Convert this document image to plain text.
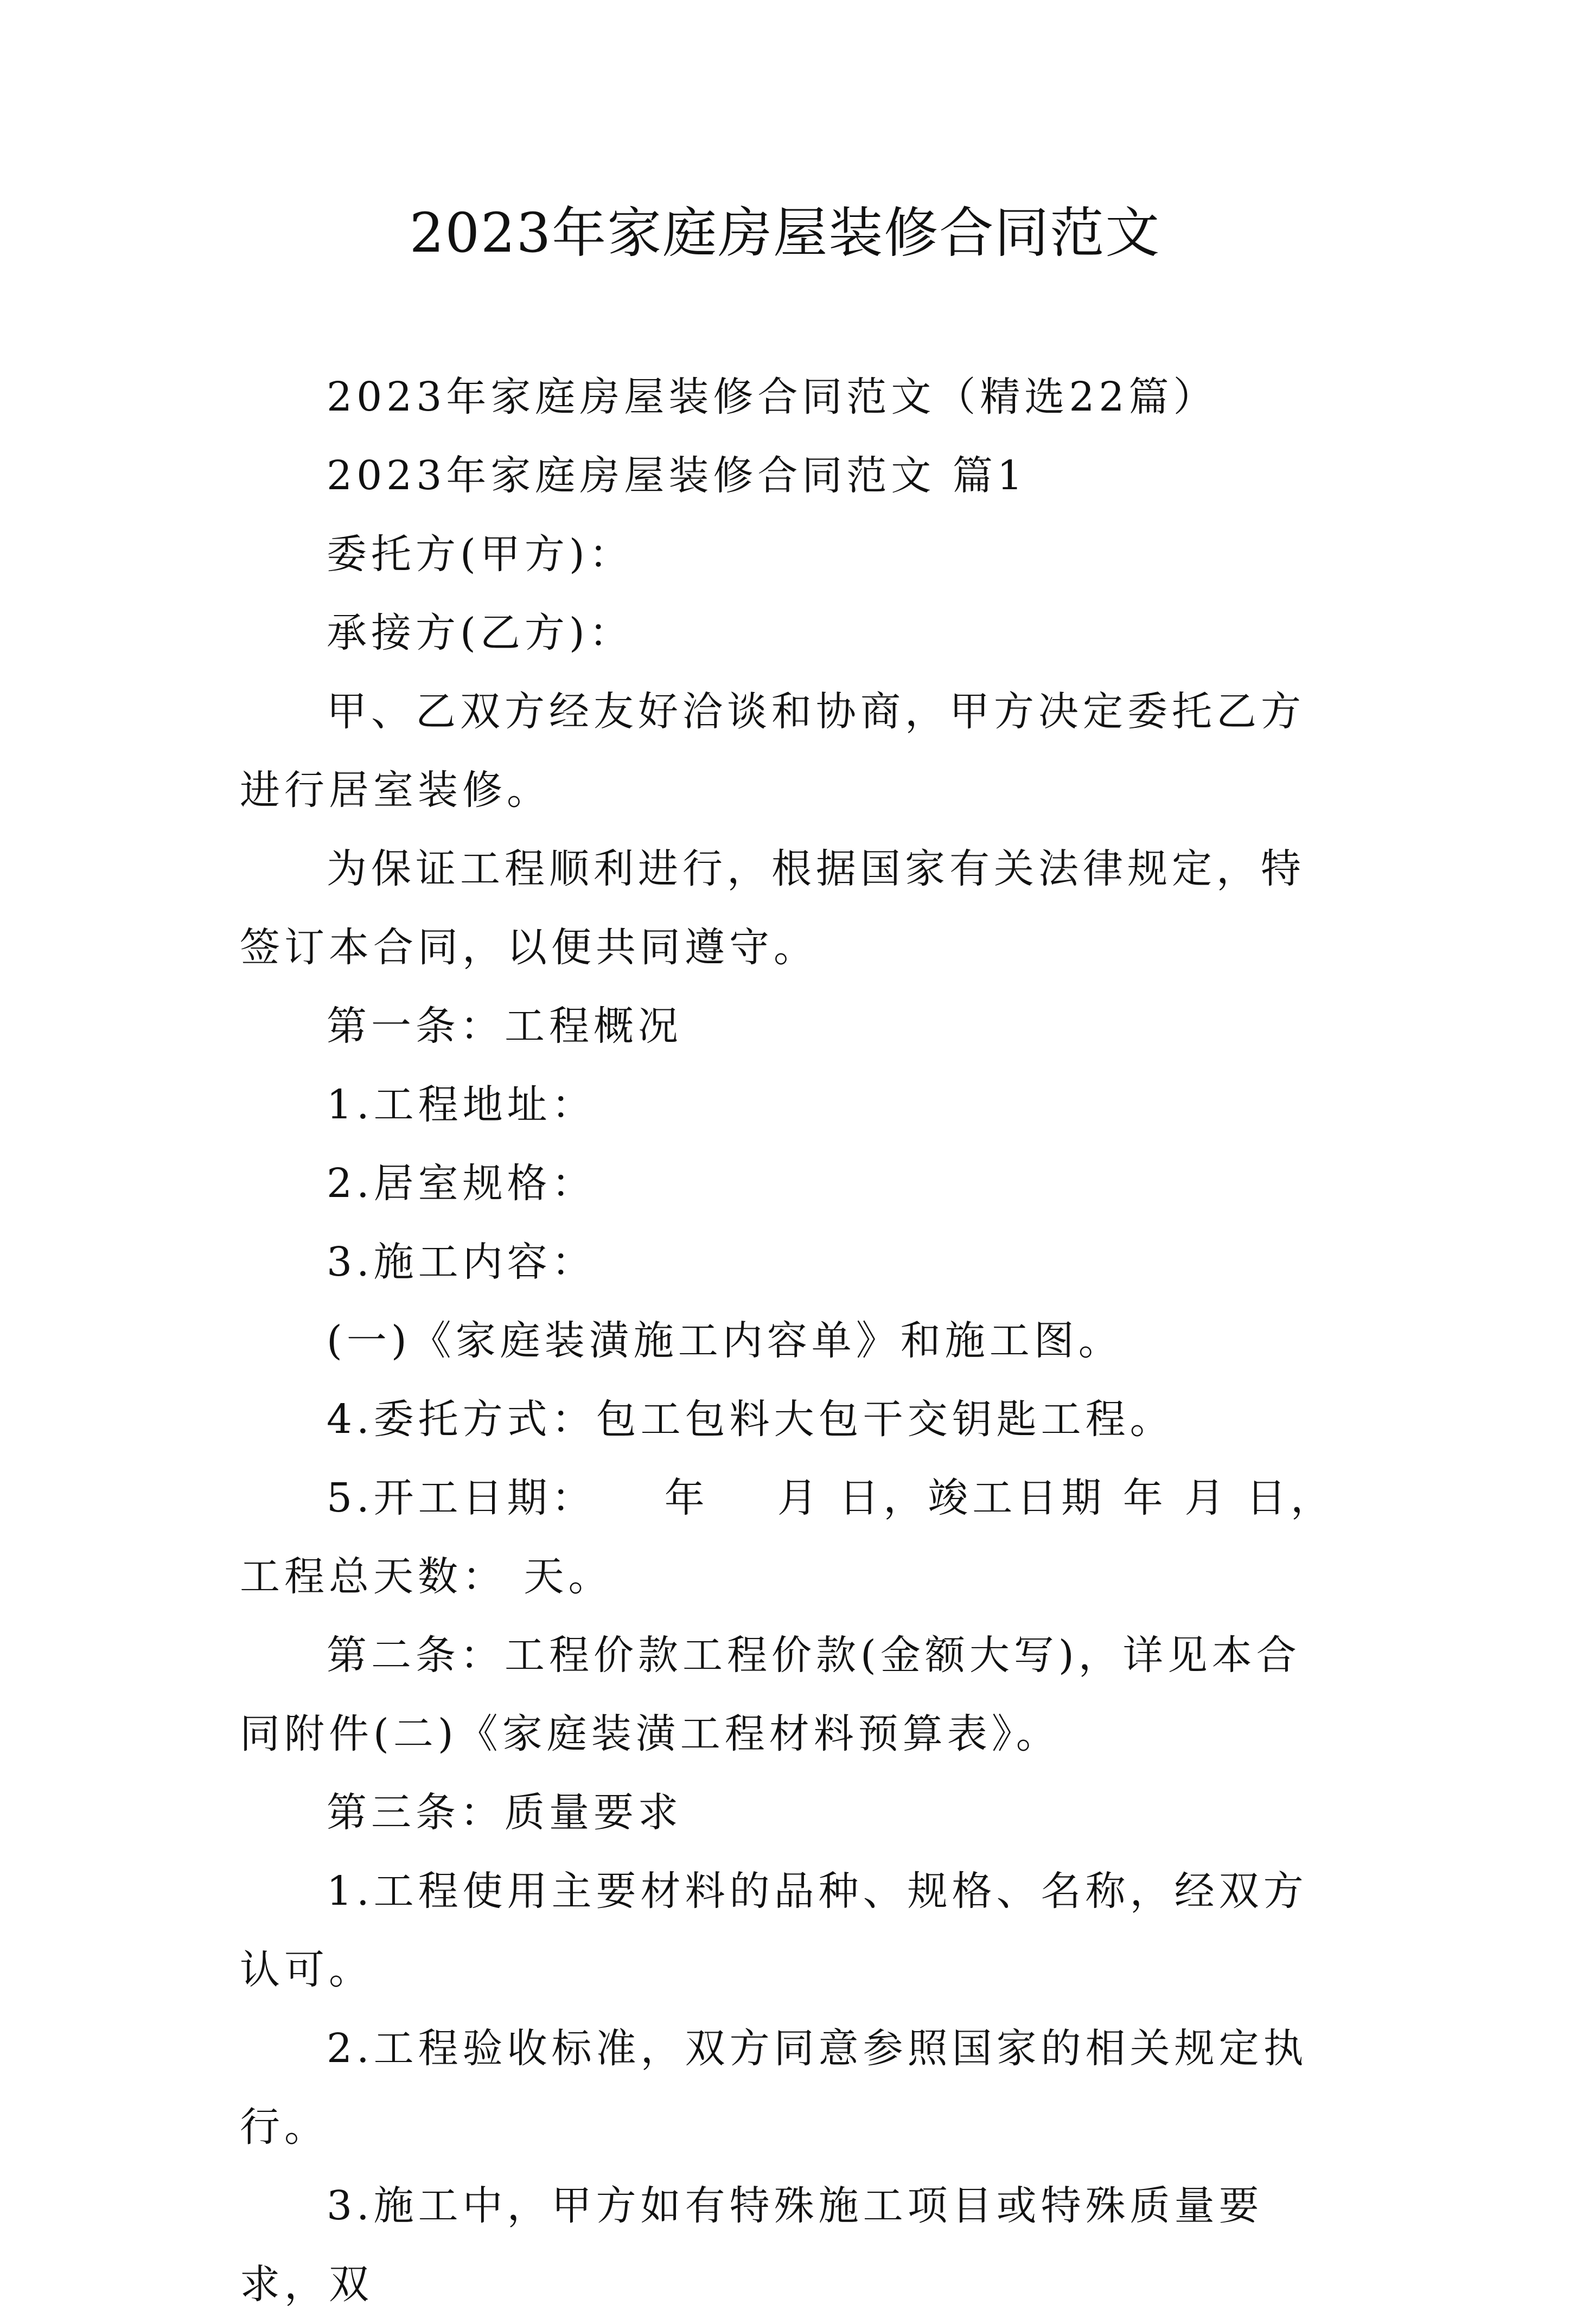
2023年家庭房屋装修合同范文

2023年家庭房屋装修合同范文（精选22篇）

2023年家庭房屋装修合同范文 篇1

委托方(甲方)：

承接方(乙方)：

甲、乙双方经友好洽谈和协商，甲方决定委托乙方进行居室装修。

为保证工程顺利进行，根据国家有关法律规定，特签订本合同，以便共同遵守。

第一条：工程概况

1.工程地址：

2.居室规格：

3.施工内容：

(一)《家庭装潢施工内容单》和施工图。

4.委托方式：包工包料大包干交钥匙工程。

5.开工日期：    年    月 日，竣工日期 年 月 日，工程总天数： 天。

第二条：工程价款工程价款(金额大写)，详见本合同附件(二)《家庭装潢工程材料预算表》。

第三条：质量要求

1.工程使用主要材料的品种、规格、名称，经双方认可。

2.工程验收标准，双方同意参照国家的相关规定执行。

3.施工中，甲方如有特殊施工项目或特殊质量要求，双
